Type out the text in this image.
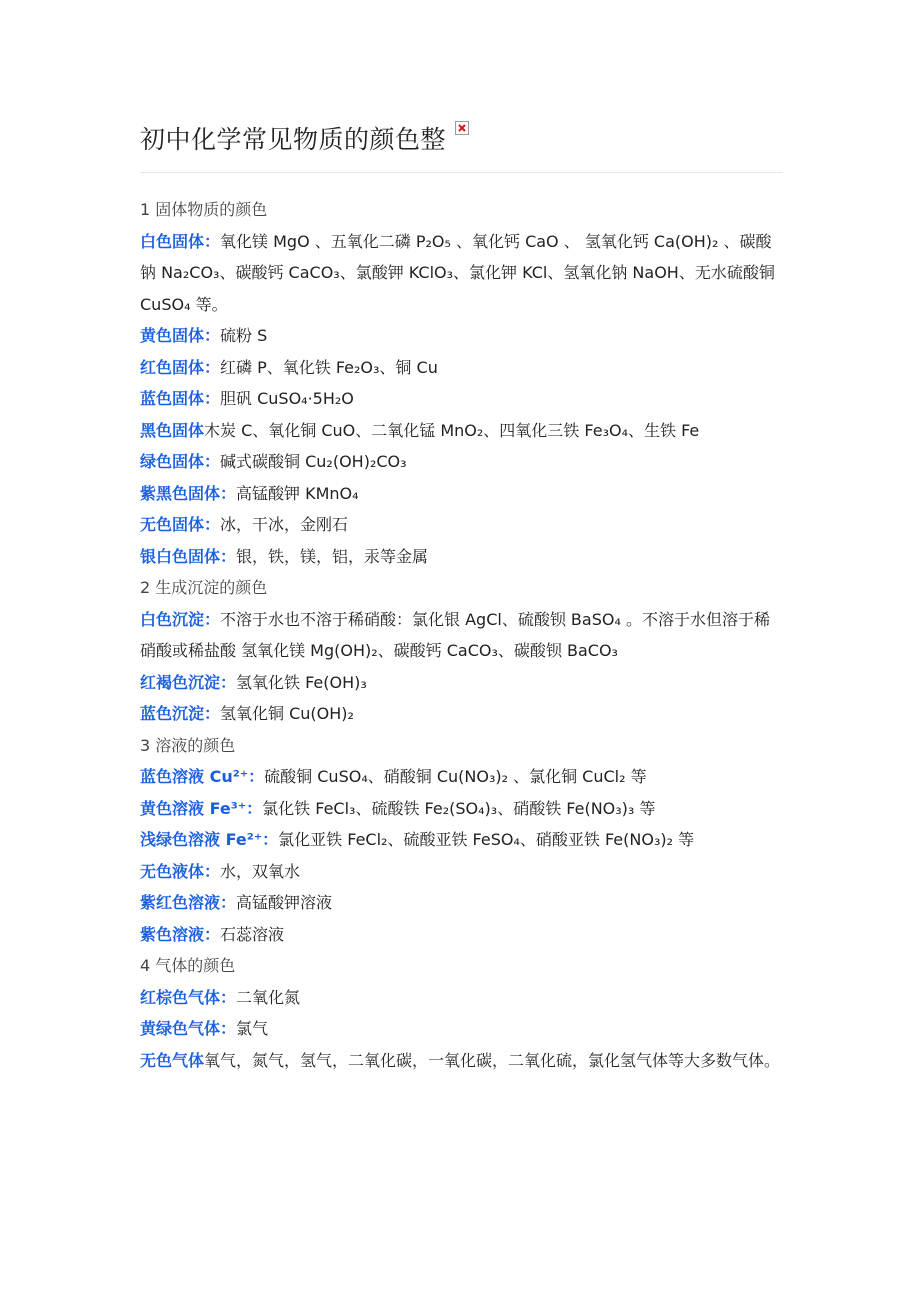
初中化学常见物质的颜色整
1 固体物质的颜色
白色固体：氧化镁 MgO 、五氧化二磷 P₂O₅ 、氧化钙 CaO 、 氢氧化钙 Ca(OH)₂ 、碳酸钠 Na₂CO₃、碳酸钙 CaCO₃、氯酸钾 KClO₃、氯化钾 KCl、氢氧化钠 NaOH、无水硫酸铜 CuSO₄ 等。
黄色固体：硫粉 S
红色固体：红磷 P、氧化铁 Fe₂O₃、铜 Cu
蓝色固体：胆矾 CuSO₄·5H₂O
黑色固体木炭 C、氧化铜 CuO、二氧化锰 MnO₂、四氧化三铁 Fe₃O₄、生铁 Fe
绿色固体：碱式碳酸铜 Cu₂(OH)₂CO₃
紫黑色固体：高锰酸钾 KMnO₄
无色固体：冰，干冰，金刚石
银白色固体：银，铁，镁，铝，汞等金属
2 生成沉淀的颜色
白色沉淀：不溶于水也不溶于稀硝酸：氯化银 AgCl、硫酸钡 BaSO₄ 。不溶于水但溶于稀硝酸或稀盐酸 氢氧化镁 Mg(OH)₂、碳酸钙 CaCO₃、碳酸钡 BaCO₃
红褐色沉淀：氢氧化铁 Fe(OH)₃
蓝色沉淀：氢氧化铜 Cu(OH)₂
3 溶液的颜色
蓝色溶液 Cu²⁺：硫酸铜 CuSO₄、硝酸铜 Cu(NO₃)₂ 、氯化铜 CuCl₂ 等
黄色溶液 Fe³⁺：氯化铁 FeCl₃、硫酸铁 Fe₂(SO₄)₃、硝酸铁 Fe(NO₃)₃ 等
浅绿色溶液 Fe²⁺：氯化亚铁 FeCl₂、硫酸亚铁 FeSO₄、硝酸亚铁 Fe(NO₃)₂ 等
无色液体：水，双氧水
紫红色溶液：高锰酸钾溶液
紫色溶液：石蕊溶液
4 气体的颜色
红棕色气体：二氧化氮
黄绿色气体：氯气
无色气体氧气，氮气，氢气，二氧化碳，一氧化碳，二氧化硫，氯化氢气体等大多数气体。
